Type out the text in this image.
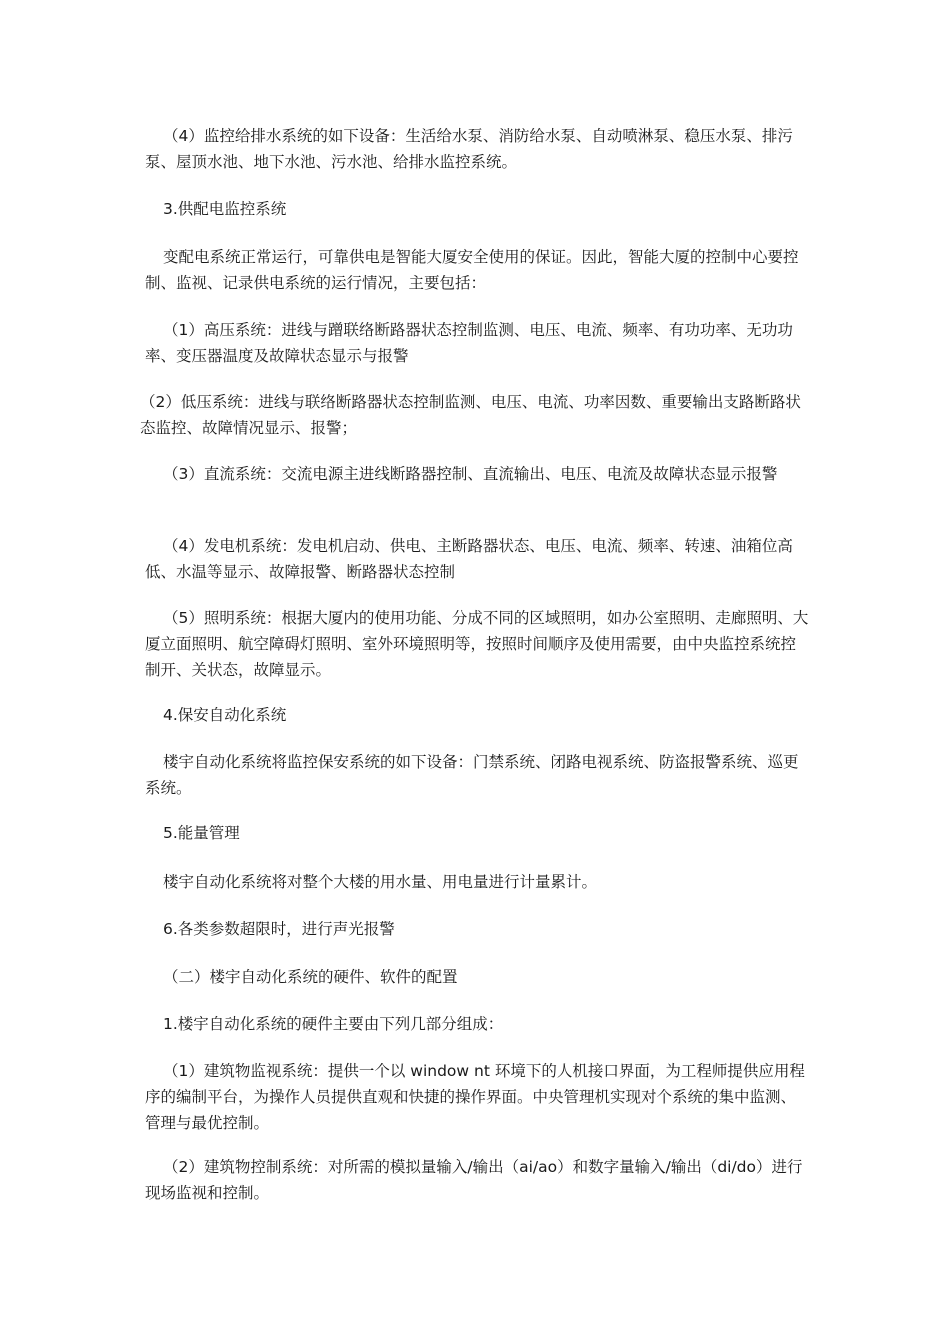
（4）监控给排水系统的如下设备：生活给水泵、消防给水泵、自动喷淋泵、稳压水泵、排污泵、屋顶水池、地下水池、污水池、给排水监控系统。

3.供配电监控系统

变配电系统正常运行，可靠供电是智能大厦安全使用的保证。因此，智能大厦的控制中心要控制、监视、记录供电系统的运行情况，主要包括：

（1）高压系统：进线与蹭联络断路器状态控制监测、电压、电流、频率、有功功率、无功功率、变压器温度及故障状态显示与报警

（2）低压系统：进线与联络断路器状态控制监测、电压、电流、功率因数、重要输出支路断路状态监控、故障情况显示、报警；

（3）直流系统：交流电源主进线断路器控制、直流输出、电压、电流及故障状态显示报警

（4）发电机系统：发电机启动、供电、主断路器状态、电压、电流、频率、转速、油箱位高低、水温等显示、故障报警、断路器状态控制

（5）照明系统：根据大厦内的使用功能、分成不同的区域照明，如办公室照明、走廊照明、大厦立面照明、航空障碍灯照明、室外环境照明等，按照时间顺序及使用需要，由中央监控系统控制开、关状态，故障显示。

4.保安自动化系统

楼宇自动化系统将监控保安系统的如下设备：门禁系统、闭路电视系统、防盗报警系统、巡更系统。

5.能量管理

楼宇自动化系统将对整个大楼的用水量、用电量进行计量累计。

6.各类参数超限时，进行声光报警

（二）楼宇自动化系统的硬件、软件的配置

1.楼宇自动化系统的硬件主要由下列几部分组成：

（1）建筑物监视系统：提供一个以 window nt 环境下的人机接口界面，为工程师提供应用程序的编制平台，为操作人员提供直观和快捷的操作界面。中央管理机实现对个系统的集中监测、管理与最优控制。

（2）建筑物控制系统：对所需的模拟量输入/输出（ai/ao）和数字量输入/输出（di/do）进行现场监视和控制。
